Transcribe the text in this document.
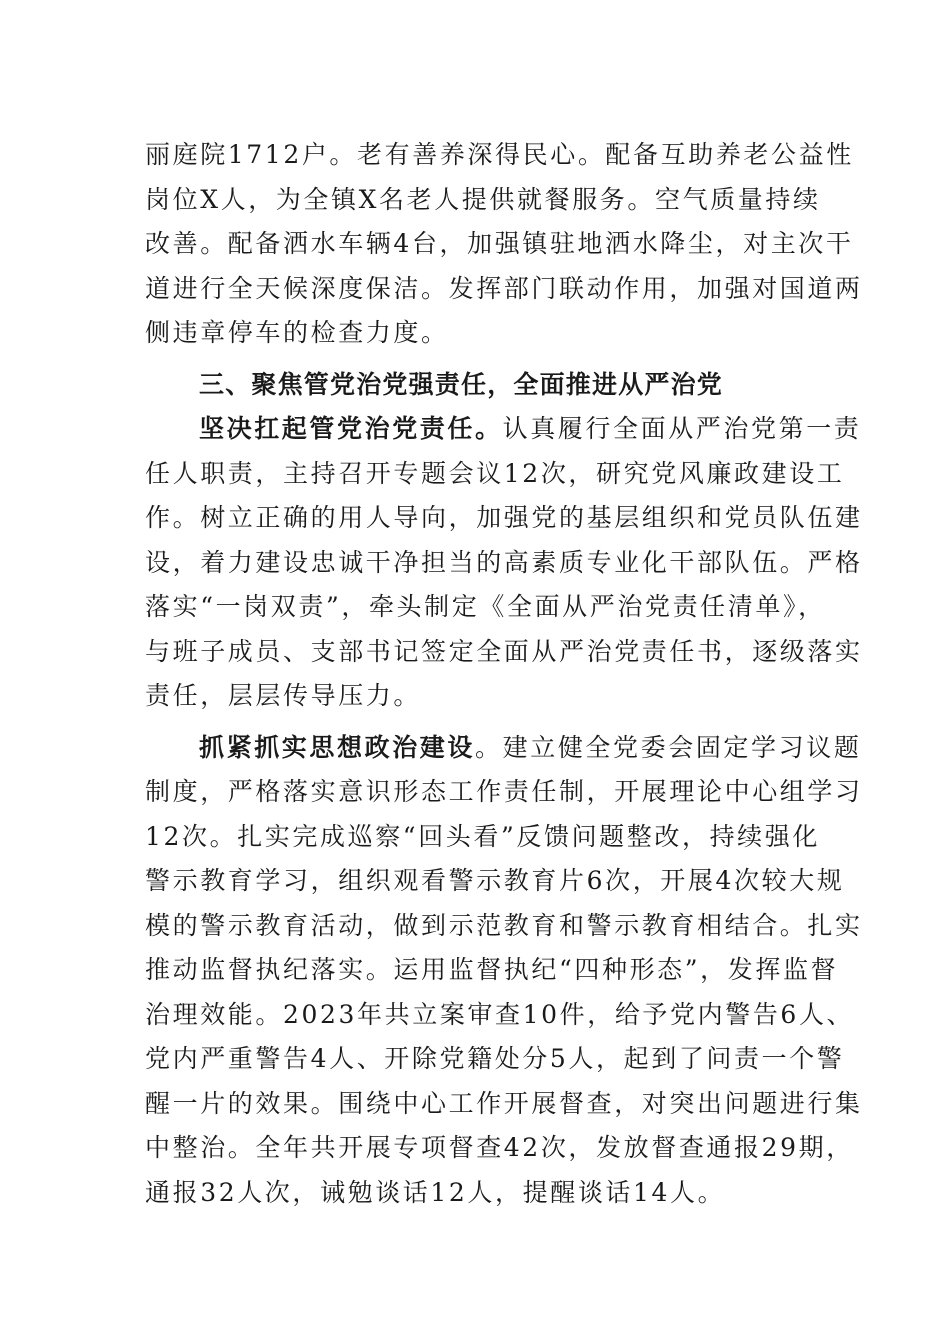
丽庭院1712户。老有善养深得民心。配备互助养老公益性
岗位X人，为全镇X名老人提供就餐服务。空气质量持续
改善。配备洒水车辆4台，加强镇驻地洒水降尘，对主次干
道进行全天候深度保洁。发挥部门联动作用，加强对国道两
侧违章停车的检查力度。
三、聚焦管党治党强责任，全面推进从严治党
坚决扛起管党治党责任。认真履行全面从严治党第一责
任人职责，主持召开专题会议12次，研究党风廉政建设工
作。树立正确的用人导向，加强党的基层组织和党员队伍建
设，着力建设忠诚干净担当的高素质专业化干部队伍。严格
落实“一岗双责”，牵头制定《全面从严治党责任清单》，
与班子成员、支部书记签定全面从严治党责任书，逐级落实
责任，层层传导压力。
抓紧抓实思想政治建设。建立健全党委会固定学习议题
制度，严格落实意识形态工作责任制，开展理论中心组学习
12次。扎实完成巡察“回头看”反馈问题整改，持续强化
警示教育学习，组织观看警示教育片6次，开展4次较大规
模的警示教育活动，做到示范教育和警示教育相结合。扎实
推动监督执纪落实。运用监督执纪“四种形态”，发挥监督
治理效能。2023年共立案审查10件，给予党内警告6人、
党内严重警告4人、开除党籍处分5人，起到了问责一个警
醒一片的效果。围绕中心工作开展督查，对突出问题进行集
中整治。全年共开展专项督查42次，发放督查通报29期，
通报32人次，诫勉谈话12人，提醒谈话14人。
